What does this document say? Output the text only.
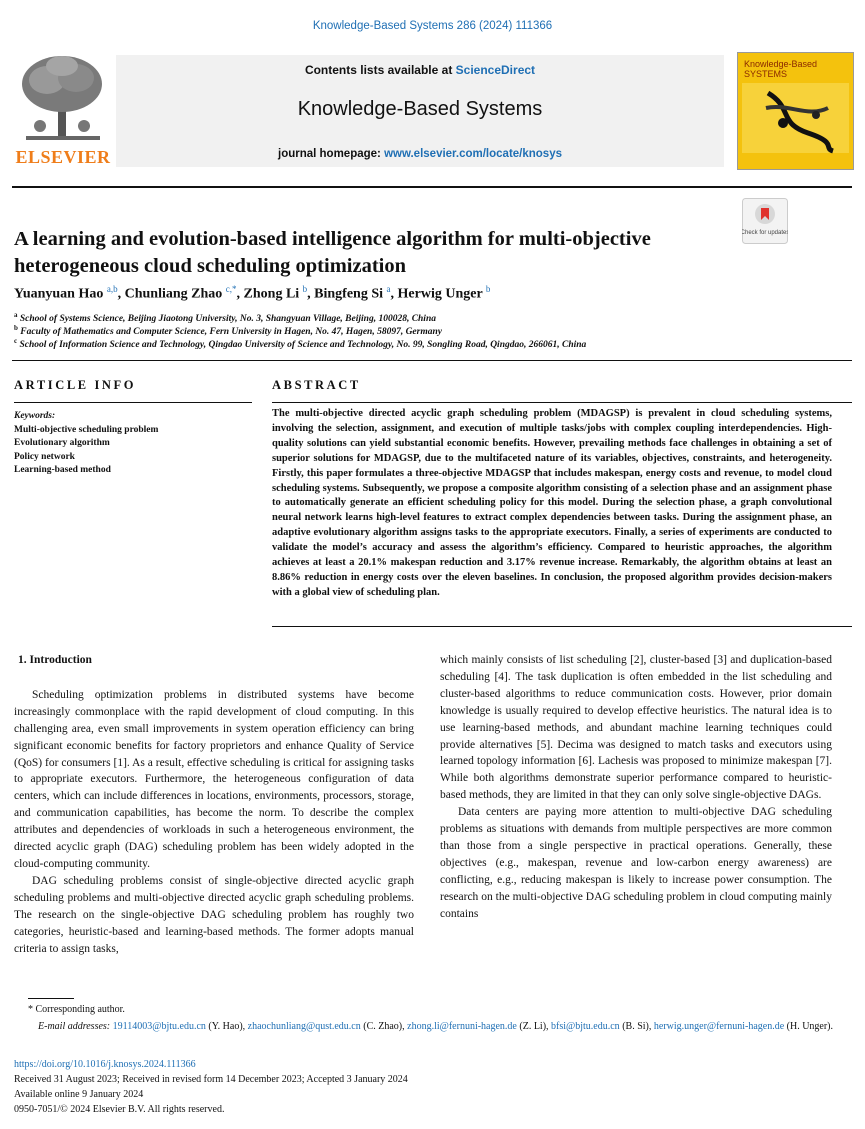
Knowledge-Based Systems 286 (2024) 111366
ELSEVIER
Contents lists available at ScienceDirect
Knowledge-Based Systems
journal homepage: www.elsevier.com/locate/knosys
Knowledge-Based SYSTEMS
Check for updates
A learning and evolution-based intelligence algorithm for multi-objective heterogeneous cloud scheduling optimization
Yuanyuan Hao $^{a,b}$, Chunliang Zhao $^{c,*}$, Zhong Li $^b$, Bingfeng Si $^a$, Herwig Unger $^b$
$^a$ School of Systems Science, Beijing Jiaotong University, No. 3, Shangyuan Village, Beijing, 100028, China
$^b$ Faculty of Mathematics and Computer Science, Fern University in Hagen, No. 47, Hagen, 58097, Germany
$^c$ School of Information Science and Technology, Qingdao University of Science and Technology, No. 99, Songling Road, Qingdao, 266061, China
ARTICLE INFO	ABSTRACT
Keywords:
Multi-objective scheduling problem
Evolutionary algorithm
Policy network
Learning-based method
The multi-objective directed acyclic graph scheduling problem (MDAGSP) is prevalent in cloud scheduling systems, involving the selection, assignment, and execution of multiple tasks/jobs with complex coupling interdependencies. High-quality solutions can yield substantial economic benefits. However, prevailing methods face challenges in obtaining a set of superior solutions for MDAGSP, due to the multifaceted nature of its variables, objectives, constraints, and heterogeneity. Firstly, this paper formulates a three-objective MDAGSP that includes makespan, energy costs and revenue, to model cloud scheduling systems. Subsequently, we propose a composite algorithm consisting of a selection phase and an assignment phase to automatically generate an efficient scheduling policy for this model. During the selection phase, a graph convolutional neural network learns high-level features to extract complex dependencies between tasks. During the assignment phase, an adaptive evolutionary algorithm assigns tasks to the appropriate executors. Finally, a series of experiments are conducted to validate the model’s accuracy and assess the algorithm’s efficiency. Compared to heuristic approaches, the algorithm achieves at least a 20.1% makespan reduction and 3.17% revenue increase. Remarkably, the algorithm obtains at least an 8.86% reduction in energy costs over the eleven baselines. In conclusion, the proposed algorithm provides decision-makers with a global view of scheduling plan.
1. Introduction

Scheduling optimization problems in distributed systems have become increasingly commonplace with the rapid development of cloud computing. In this challenging area, even small improvements in system operation efficiency can bring significant economic benefits for factory proprietors and enhance Quality of Service (QoS) for consumers [1]. As a result, effective scheduling is critical for assigning tasks to appropriate executors. Furthermore, the heterogeneous configuration of data centers, which can include differences in locations, environments, processors, storage, and communication capabilities, has become the norm. To describe the complex attributes and dependencies of workloads in such a heterogeneous environment, the directed acyclic graph (DAG) scheduling problem has been widely adopted in the cloud-computing community.

DAG scheduling problems consist of single-objective directed acyclic graph scheduling problems and multi-objective directed acyclic graph scheduling problems. The research on the single-objective DAG scheduling problem has roughly two categories, heuristic-based and learning-based methods. The former adopts manual criteria to assign tasks,

which mainly consists of list scheduling [2], cluster-based [3] and duplication-based scheduling [4]. The task duplication is often embedded in the list scheduling and cluster-based algorithms to reduce communication costs. However, prior domain knowledge is usually required to develop effective heuristics. The natural idea is to use learning-based methods, and abundant machine learning techniques could provide alternatives [5]. Decima was designed to match tasks and executors using learned topology information [6]. Lachesis was proposed to minimize makespan [7]. While both algorithms demonstrate superior performance compared to heuristic-based methods, they are limited in that they can only solve single-objective DAGs.

Data centers are paying more attention to multi-objective DAG scheduling problems as situations with demands from multiple perspectives are more common than those from a single perspective in practical operations. Generally, these objectives (e.g., makespan, revenue and low-carbon energy awareness) are conflicting, e.g., reducing makespan is likely to increase power consumption. The research on the multi-objective DAG scheduling problem in cloud computing mainly contains

* Corresponding author.
E-mail addresses: 19114003@bjtu.edu.cn (Y. Hao), zhaochunliang@qust.edu.cn (C. Zhao), zhong.li@fernuni-hagen.de (Z. Li), bfsi@bjtu.edu.cn (B. Si), herwig.unger@fernuni-hagen.de (H. Unger).
https://doi.org/10.1016/j.knosys.2024.111366
Received 31 August 2023; Received in revised form 14 December 2023; Accepted 3 January 2024
Available online 9 January 2024
0950-7051/© 2024 Elsevier B.V. All rights reserved.
